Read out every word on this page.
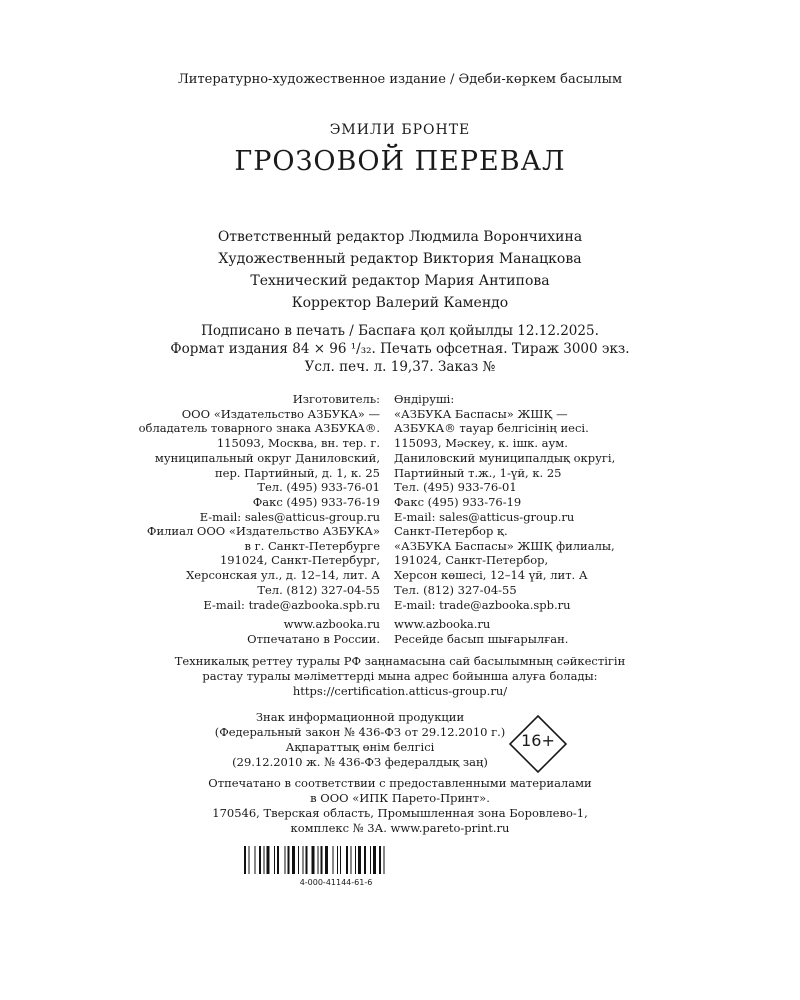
Литературно-художественное издание / Әдеби-көркем басылым
ЭМИЛИ БРОНТЕ
ГРОЗОВОЙ ПЕРЕВАЛ
Ответственный редактор Людмила Ворончихина
Художественный редактор Виктория Манацкова
Технический редактор Мария Антипова
Корректор Валерий Камендо
Подписано в печать / Баспаға қол қойылды 12.12.2025.
Формат издания 84 × 96 ¹/₃₂. Печать офсетная. Тираж 3000 экз.
Усл. печ. л. 19,37. Заказ №
Изготовитель:
ООО «Издательство АЗБУКА» —
обладатель товарного знака АЗБУКА®.
115093, Москва, вн. тер. г.
муниципальный округ Даниловский,
пер. Партийный, д. 1, к. 25
Тел. (495) 933-76-01
Факс (495) 933-76-19
E-mail: sales@atticus-group.ru
Өндіруші:
«АЗБУКА Баспасы» ЖШҚ —
АЗБУКА® тауар белгісінің иесі.
115093, Мәскеу, к. ішк. аум.
Даниловский муниципалдық округі,
Партийный т.ж., 1-үй, к. 25
Тел. (495) 933-76-01
Факс (495) 933-76-19
E-mail: sales@atticus-group.ru
Филиал ООО «Издательство АЗБУКА»
в г. Санкт-Петербурге
191024, Санкт-Петербург,
Херсонская ул., д. 12–14, лит. А
Тел. (812) 327-04-55
E-mail: trade@azbooka.spb.ru
Санкт-Петербор қ.
«АЗБУКА Баспасы» ЖШҚ филиалы,
191024, Санкт-Петербор,
Херсон көшесі, 12–14 үй, лит. А
Тел. (812) 327-04-55
E-mail: trade@azbooka.spb.ru
www.azbooka.ru
Отпечатано в России.
www.azbooka.ru
Ресейде басып шығарылған.
Техникалық реттеу туралы РФ заңнамасына сай басылымның сәйкестігін
растау туралы мәліметтерді мына адрес бойынша алуға болады:
https://certification.atticus-group.ru/
Знак информационной продукции
(Федеральный закон № 436-ФЗ от 29.12.2010 г.)
Ақпараттық өнім белгісі
(29.12.2010 ж. № 436-ФЗ федералдық заң)
16+
Отпечатано в соответствии с предоставленными материалами
в ООО «ИПК Парето-Принт».
170546, Тверская область, Промышленная зона Боровлево-1,
комплекс № 3А. www.pareto-print.ru
4-000-41144-61-6
